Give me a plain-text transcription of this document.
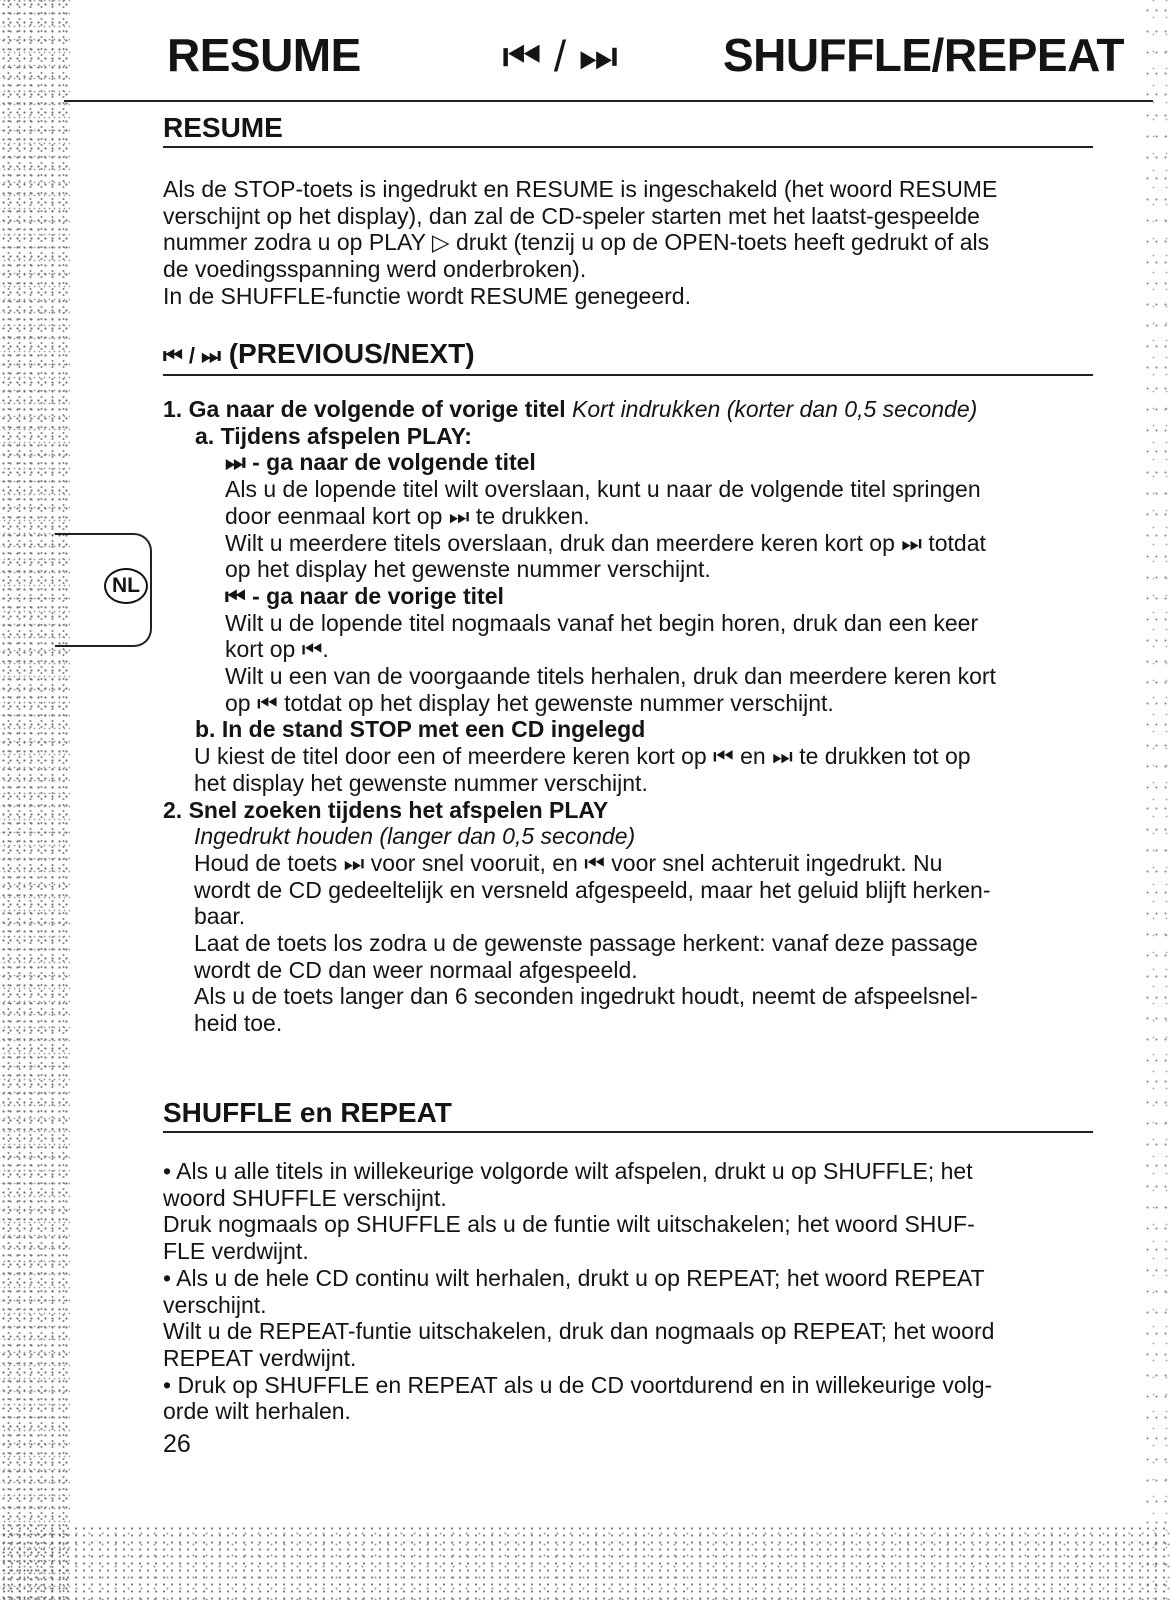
RESUME	⏮ / ⏭	SHUFFLE/REPEAT
NL
RESUME
Als de STOP-toets is ingedrukt en RESUME is ingeschakeld (het woord RESUME
verschijnt op het display), dan zal de CD-speler starten met het laatst-gespeelde
nummer zodra u op PLAY ▷ drukt (tenzij u op de OPEN-toets heeft gedrukt of als
de voedingsspanning werd onderbroken).
In de SHUFFLE-functie wordt RESUME genegeerd.
⏮ / ⏭ (PREVIOUS/NEXT)
1. Ga naar de volgende of vorige titel Kort indrukken (korter dan 0,5 seconde)
a. Tijdens afspelen PLAY:
⏭ - ga naar de volgende titel
Als u de lopende titel wilt overslaan, kunt u naar de volgende titel springen
door eenmaal kort op ⏭ te drukken.
Wilt u meerdere titels overslaan, druk dan meerdere keren kort op ⏭ totdat
op het display het gewenste nummer verschijnt.
⏮ - ga naar de vorige titel
Wilt u de lopende titel nogmaals vanaf het begin horen, druk dan een keer
kort op ⏮.
Wilt u een van de voorgaande titels herhalen, druk dan meerdere keren kort
op ⏮ totdat op het display het gewenste nummer verschijnt.
b. In de stand STOP met een CD ingelegd
U kiest de titel door een of meerdere keren kort op ⏮ en ⏭ te drukken tot op
het display het gewenste nummer verschijnt.
2. Snel zoeken tijdens het afspelen PLAY
Ingedrukt houden (langer dan 0,5 seconde)
Houd de toets ⏭ voor snel vooruit, en ⏮ voor snel achteruit ingedrukt. Nu
wordt de CD gedeeltelijk en versneld afgespeeld, maar het geluid blijft herken-
baar.
Laat de toets los zodra u de gewenste passage herkent: vanaf deze passage
wordt de CD dan weer normaal afgespeeld.
Als u de toets langer dan 6 seconden ingedrukt houdt, neemt de afspeelsnel-
heid toe.
SHUFFLE en REPEAT
• Als u alle titels in willekeurige volgorde wilt afspelen, drukt u op SHUFFLE; het
woord SHUFFLE verschijnt.
Druk nogmaals op SHUFFLE als u de funtie wilt uitschakelen; het woord SHUF-
FLE verdwijnt.
• Als u de hele CD continu wilt herhalen, drukt u op REPEAT; het woord REPEAT
verschijnt.
Wilt u de REPEAT-funtie uitschakelen, druk dan nogmaals op REPEAT; het woord
REPEAT verdwijnt.
• Druk op SHUFFLE en REPEAT als u de CD voortdurend en in willekeurige volg-
orde wilt herhalen.
26
